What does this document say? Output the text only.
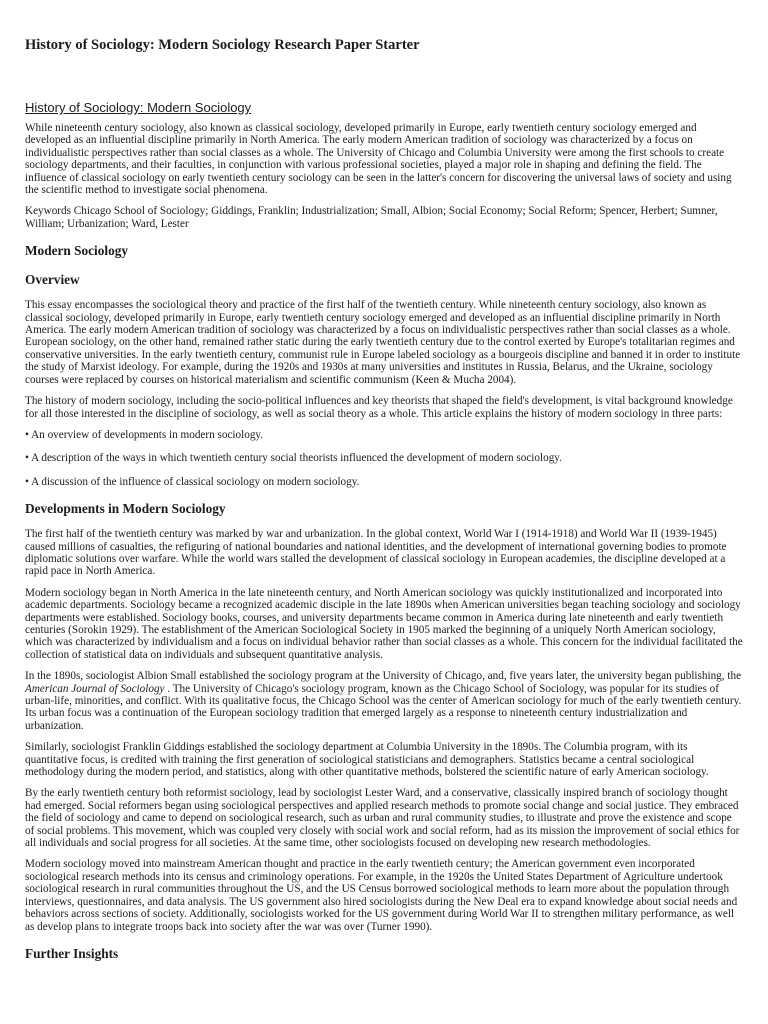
History of Sociology: Modern Sociology Research Paper Starter
History of Sociology: Modern Sociology

While nineteenth century sociology, also known as classical sociology, developed primarily in Europe, early twentieth century sociology emerged and developed as an influential discipline primarily in North America. The early modern American tradition of sociology was characterized by a focus on individualistic perspectives rather than social classes as a whole. The University of Chicago and Columbia University were among the first schools to create sociology departments, and their faculties, in conjunction with various professional societies, played a major role in shaping and defining the field. The influence of classical sociology on early twentieth century sociology can be seen in the latter's concern for discovering the universal laws of society and using the scientific method to investigate social phenomena.

Keywords Chicago School of Sociology; Giddings, Franklin; Industrialization; Small, Albion; Social Economy; Social Reform; Spencer, Herbert; Sumner, William; Urbanization; Ward, Lester

Modern Sociology
Overview

This essay encompasses the sociological theory and practice of the first half of the twentieth century. While nineteenth century sociology, also known as classical sociology, developed primarily in Europe, early twentieth century sociology emerged and developed as an influential discipline primarily in North America. The early modern American tradition of sociology was characterized by a focus on individualistic perspectives rather than social classes as a whole. European sociology, on the other hand, remained rather static during the early twentieth century due to the control exerted by Europe's totalitarian regimes and conservative universities. In the early twentieth century, communist rule in Europe labeled sociology as a bourgeois discipline and banned it in order to institute the study of Marxist ideology. For example, during the 1920s and 1930s at many universities and institutes in Russia, Belarus, and the Ukraine, sociology courses were replaced by courses on historical materialism and scientific communism (Keen & Mucha 2004).

The history of modern sociology, including the socio-political influences and key theorists that shaped the field's development, is vital background knowledge for all those interested in the discipline of sociology, as well as social theory as a whole. This article explains the history of modern sociology in three parts:

• An overview of developments in modern sociology.

• A description of the ways in which twentieth century social theorists influenced the development of modern sociology.

• A discussion of the influence of classical sociology on modern sociology.

Developments in Modern Sociology

The first half of the twentieth century was marked by war and urbanization. In the global context, World War I (1914-1918) and World War II (1939-1945) caused millions of casualties, the refiguring of national boundaries and national identities, and the development of international governing bodies to promote diplomatic solutions over warfare. While the world wars stalled the development of classical sociology in European academies, the discipline developed at a rapid pace in North America.

Modern sociology began in North America in the late nineteenth century, and North American sociology was quickly institutionalized and incorporated into academic departments. Sociology became a recognized academic disciple in the late 1890s when American universities began teaching sociology and sociology departments were established. Sociology books, courses, and university departments became common in America during late nineteenth and early twentieth centuries (Sorokin 1929). The establishment of the American Sociological Society in 1905 marked the beginning of a uniquely North American sociology, which was characterized by individualism and a focus on individual behavior rather than social classes as a whole. This concern for the individual facilitated the collection of statistical data on individuals and subsequent quantitative analysis.

In the 1890s, sociologist Albion Small established the sociology program at the University of Chicago, and, five years later, the university began publishing, the American Journal of Sociology . The University of Chicago's sociology program, known as the Chicago School of Sociology, was popular for its studies of urban-life, minorities, and conflict. With its qualitative focus, the Chicago School was the center of American sociology for much of the early twentieth century. Its urban focus was a continuation of the European sociology tradition that emerged largely as a response to nineteenth century industrialization and urbanization.

Similarly, sociologist Franklin Giddings established the sociology department at Columbia University in the 1890s. The Columbia program, with its quantitative focus, is credited with training the first generation of sociological statisticians and demographers. Statistics became a central sociological methodology during the modern period, and statistics, along with other quantitative methods, bolstered the scientific nature of early American sociology.

By the early twentieth century both reformist sociology, lead by sociologist Lester Ward, and a conservative, classically inspired branch of sociology thought had emerged. Social reformers began using sociological perspectives and applied research methods to promote social change and social justice. They embraced the field of sociology and came to depend on sociological research, such as urban and rural community studies, to illustrate and prove the existence and scope of social problems. This movement, which was coupled very closely with social work and social reform, had as its mission the improvement of social ethics for all individuals and social progress for all societies. At the same time, other sociologists focused on developing new research methodologies.

Modern sociology moved into mainstream American thought and practice in the early twentieth century; the American government even incorporated sociological research methods into its census and criminology operations. For example, in the 1920s the United States Department of Agriculture undertook sociological research in rural communities throughout the US, and the US Census borrowed sociological methods to learn more about the population through interviews, questionnaires, and data analysis. The US government also hired sociologists during the New Deal era to expand knowledge about social needs and behaviors across sections of society. Additionally, sociologists worked for the US government during World War II to strengthen military performance, as well as develop plans to integrate troops back into society after the war was over (Turner 1990).

Further Insights
